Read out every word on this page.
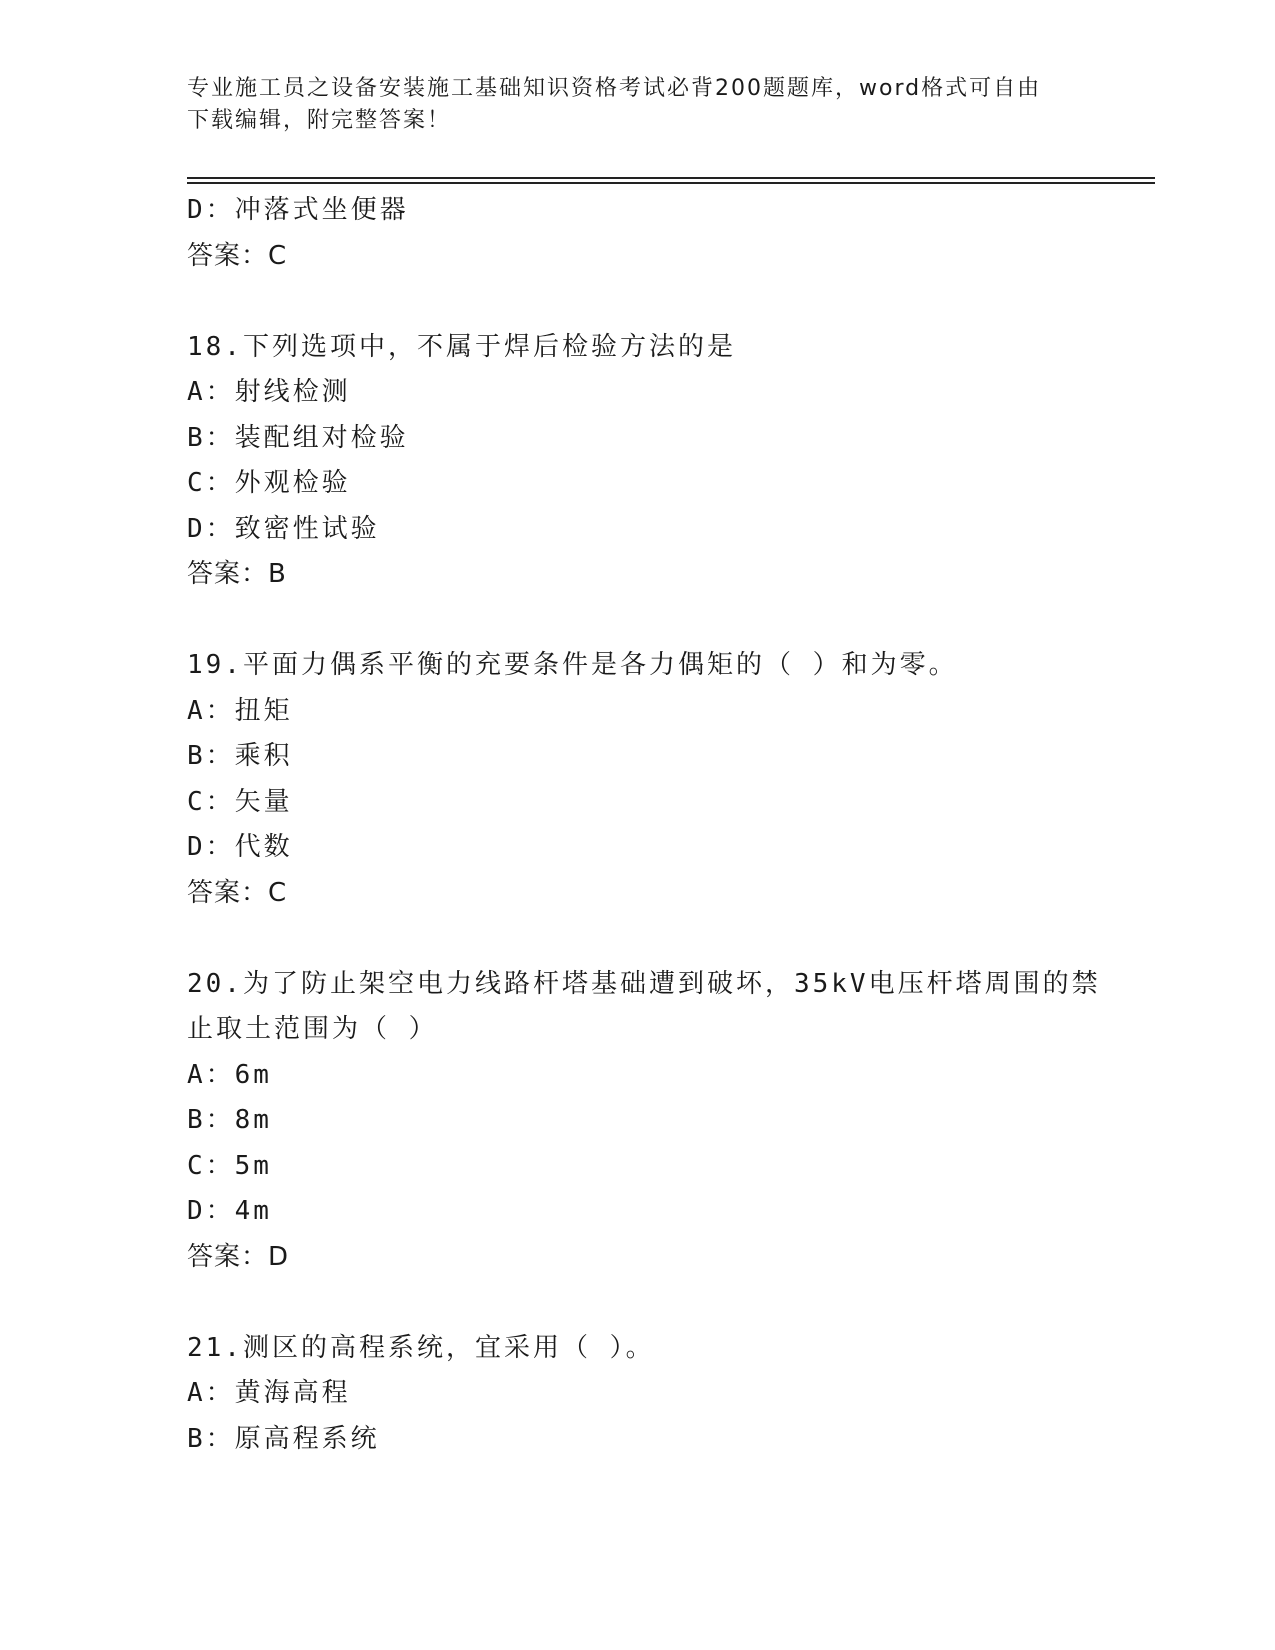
专业施工员之设备安装施工基础知识资格考试必背200题题库，word格式可自由
下载编辑，附完整答案！
D：冲落式坐便器
答案：C
18.下列选项中，不属于焊后检验方法的是
A：射线检测
B：装配组对检验
C：外观检验
D：致密性试验
答案：B
19.平面力偶系平衡的充要条件是各力偶矩的（ ）和为零。
A：扭矩
B：乘积
C：矢量
D：代数
答案：C
20.为了防止架空电力线路杆塔基础遭到破坏，35kV电压杆塔周围的禁
止取土范围为（ ）
A：6m
B：8m
C：5m
D：4m
答案：D
21.测区的高程系统，宜采用（ ）。
A：黄海高程
B：原高程系统
